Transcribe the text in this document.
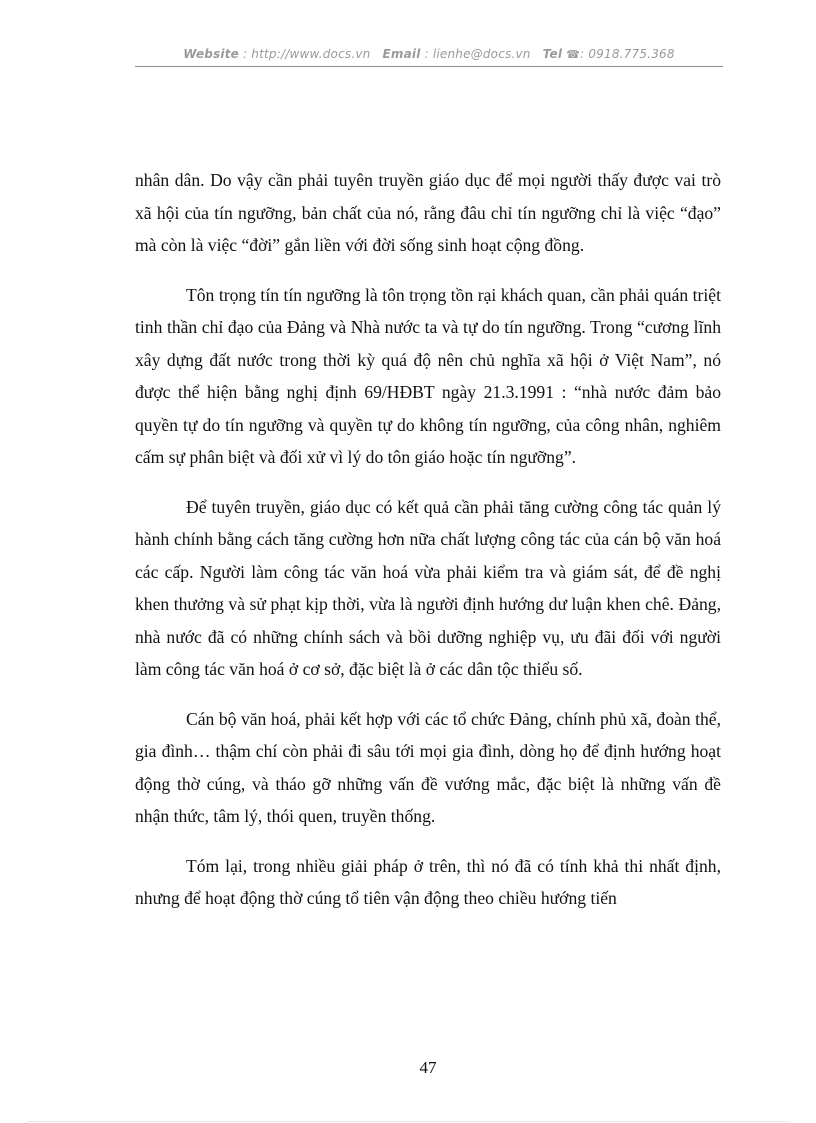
Website : http://www.docs.vn Email : lienhe@docs.vn Tel ☎: 0918.775.368

nhân dân. Do vậy cần phải tuyên truyền giáo dục để mọi người thấy được vai trò xã hội của tín ngưỡng, bản chất của nó, rằng đâu chỉ tín ngưỡng chỉ là việc “đạo” mà còn là việc “đời” gắn liền với đời sống sinh hoạt cộng đồng.

Tôn trọng tín tín ngưỡng là tôn trọng tồn rại khách quan, cần phải quán triệt tinh thần chỉ đạo của Đảng và Nhà nước ta và tự do tín ngưỡng. Trong “cương lĩnh xây dựng đất nước trong thời kỳ quá độ nên chủ nghĩa xã hội ở Việt Nam”, nó được thể hiện bằng nghị định 69/HĐBT ngày 21.3.1991 : “nhà nước đảm bảo quyền tự do tín ngưỡng và quyền tự do không tín ngưỡng, của công nhân, nghiêm cấm sự phân biệt và đối xử vì lý do tôn giáo hoặc tín ngưỡng”.

Để tuyên truyền, giáo dục có kết quả cần phải tăng cường công tác quản lý hành chính bằng cách tăng cường hơn nữa chất lượng công tác của cán bộ văn hoá các cấp. Người làm công tác văn hoá vừa phải kiểm tra và giám sát, để đề nghị khen thưởng và sử phạt kịp thời, vừa là người định hướng dư luận khen chê. Đảng, nhà nước đã có những chính sách và bồi dưỡng nghiệp vụ, ưu đãi đối với người làm công tác văn hoá ở cơ sở, đặc biệt là ở các dân tộc thiểu số.

Cán bộ văn hoá, phải kết hợp với các tổ chức Đảng, chính phủ xã, đoàn thể, gia đình… thậm chí còn phải đi sâu tới mọi gia đình, dòng họ để định hướng hoạt động thờ cúng, và tháo gỡ những vấn đề vướng mắc, đặc biệt là những vấn đề nhận thức, tâm lý, thói quen, truyền thống.

Tóm lại, trong nhiều giải pháp ở trên, thì nó đã có tính khả thi nhất định, nhưng để hoạt động thờ cúng tổ tiên vận động theo chiều hướng tiến

47
